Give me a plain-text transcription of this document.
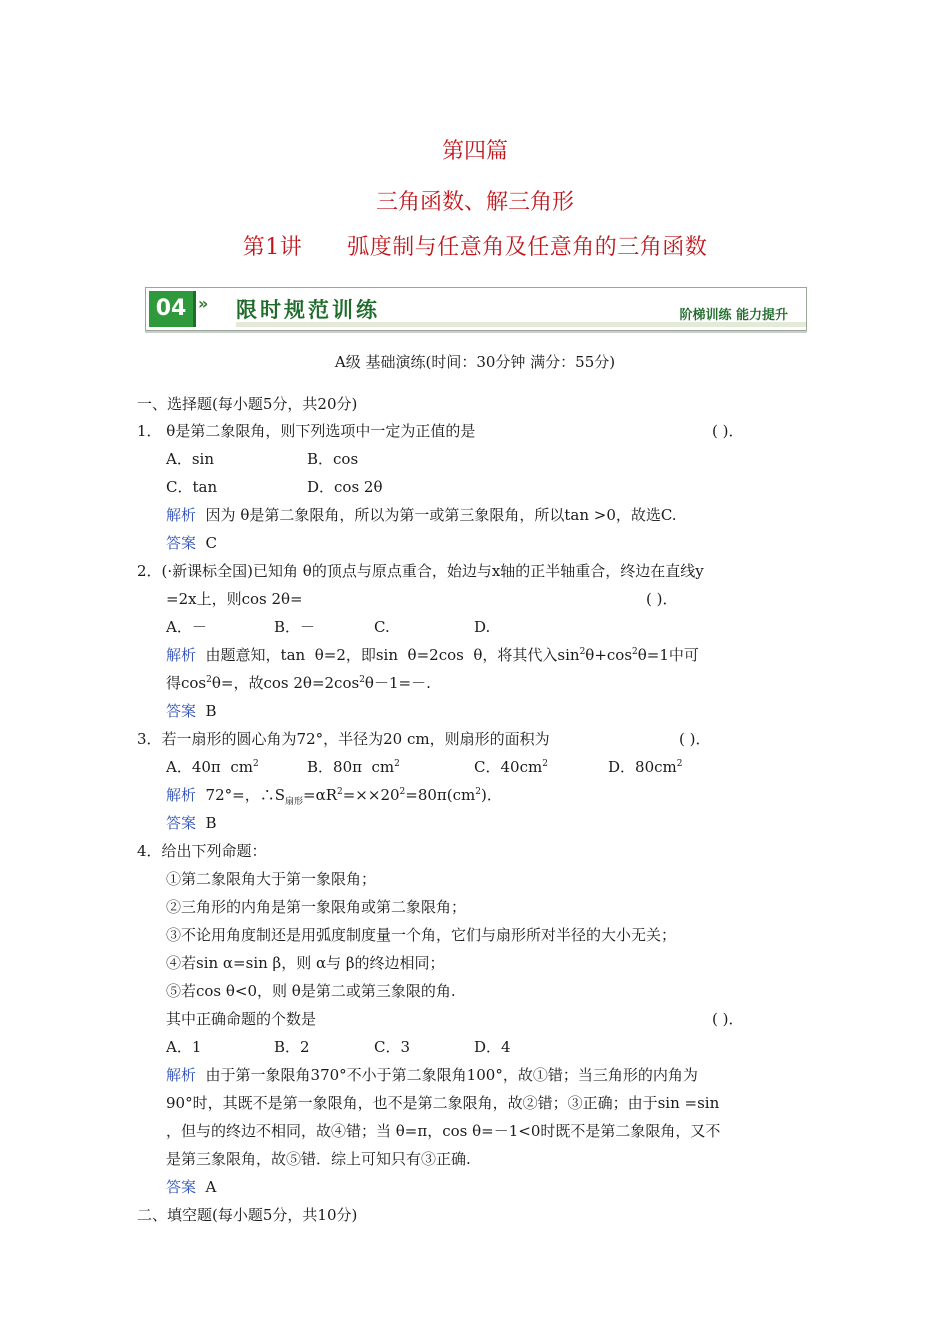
第四篇
三角函数、解三角形
第1讲      弧度制与任意角及任意角的三角函数
04 » 限时规范训练	阶梯训练 能力提升
A级 基础演练(时间：30分钟 满分：55分)
一、选择题(每小题5分，共20分)
1． θ是第二象限角，则下列选项中一定为正值的是	( )．
A．sin	B．cos
C．tan	D．cos 2θ
解析  因为 θ是第二象限角，所以为第一或第三象限角，所以tan >0，故选C.
答案  C
2．(·新课标全国)已知角 θ的顶点与原点重合，始边与x轴的正半轴重合，终边在直线y
=2x上，则cos 2θ=	( )．
A．－	B．－	C.	D.
解析  由题意知，tan  θ=2，即sin  θ=2cos  θ，将其代入$\sin^2\theta+\cos^2\theta=1$中可
得$\cos^2\theta=$，故$\cos 2\theta=2\cos^2\theta-1=-$.
答案  B
3．若一扇形的圆心角为72°，半径为20 cm，则扇形的面积为	( )．
A．40π  $cm^2$	B．80π  $cm^2$	C．$40cm^2$	D．$80cm^2$
解析  72°=，$\therefore S_{扇形}=\alpha R^2=\times\times 20^2=80\pi(cm^2)$．
答案  B
4．给出下列命题：
①第二象限角大于第一象限角；
②三角形的内角是第一象限角或第二象限角；
③不论用角度制还是用弧度制度量一个角，它们与扇形所对半径的大小无关；
④若sin α=sin β，则 α与 β的终边相同；
⑤若cos θ<0，则 θ是第二或第三象限的角.
其中正确命题的个数是	( )．
A．1	B．2	C．3	D．4
解析  由于第一象限角370°不小于第二象限角100°，故①错；当三角形的内角为
90°时，其既不是第一象限角，也不是第二象限角，故②错；③正确；由于sin =sin
，但与的终边不相同，故④错；当 θ=π，cos θ=－1<0时既不是第二象限角，又不
是第三象限角，故⑤错．综上可知只有③正确.
答案  A
二、填空题(每小题5分，共10分)
